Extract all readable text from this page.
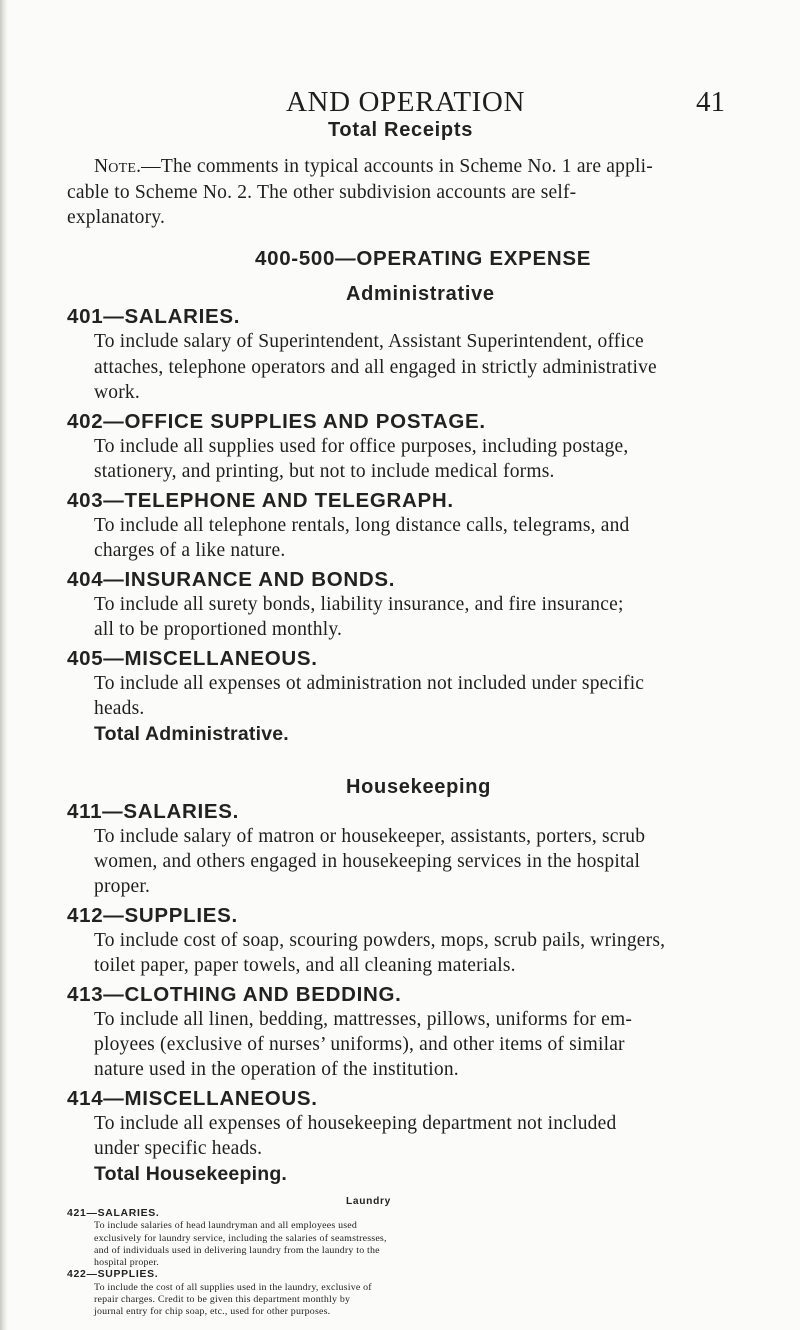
AND OPERATION	41
Total Receipts
Note.—The comments in typical accounts in Scheme No. 1 are appli-
cable to Scheme No. 2. The other subdivision accounts are self-
explanatory.
400-500—OPERATING EXPENSE
Administrative
401—SALARIES.
To include salary of Superintendent, Assistant Superintendent, office
attaches, telephone operators and all engaged in strictly administrative
work.
402—OFFICE SUPPLIES AND POSTAGE.
To include all supplies used for office purposes, including postage,
stationery, and printing, but not to include medical forms.
403—TELEPHONE AND TELEGRAPH.
To include all telephone rentals, long distance calls, telegrams, and
charges of a like nature.
404—INSURANCE AND BONDS.
To include all surety bonds, liability insurance, and fire insurance;
all to be proportioned monthly.
405—MISCELLANEOUS.
To include all expenses ot administration not included under specific
heads.
Total Administrative.
Housekeeping
411—SALARIES.
To include salary of matron or housekeeper, assistants, porters, scrub
women, and others engaged in housekeeping services in the hospital
proper.
412—SUPPLIES.
To include cost of soap, scouring powders, mops, scrub pails, wringers,
toilet paper, paper towels, and all cleaning materials.
413—CLOTHING AND BEDDING.
To include all linen, bedding, mattresses, pillows, uniforms for em-
ployees (exclusive of nurses’ uniforms), and other items of similar
nature used in the operation of the institution.
414—MISCELLANEOUS.
To include all expenses of housekeeping department not included
under specific heads.
Total Housekeeping.
Laundry
421—SALARIES.
To include salaries of head laundryman and all employees used
exclusively for laundry service, including the salaries of seamstresses,
and of individuals used in delivering laundry from the laundry to the
hospital proper.
422—SUPPLIES.
To include the cost of all supplies used in the laundry, exclusive of
repair charges. Credit to be given this department monthly by
journal entry for chip soap, etc., used for other purposes.
